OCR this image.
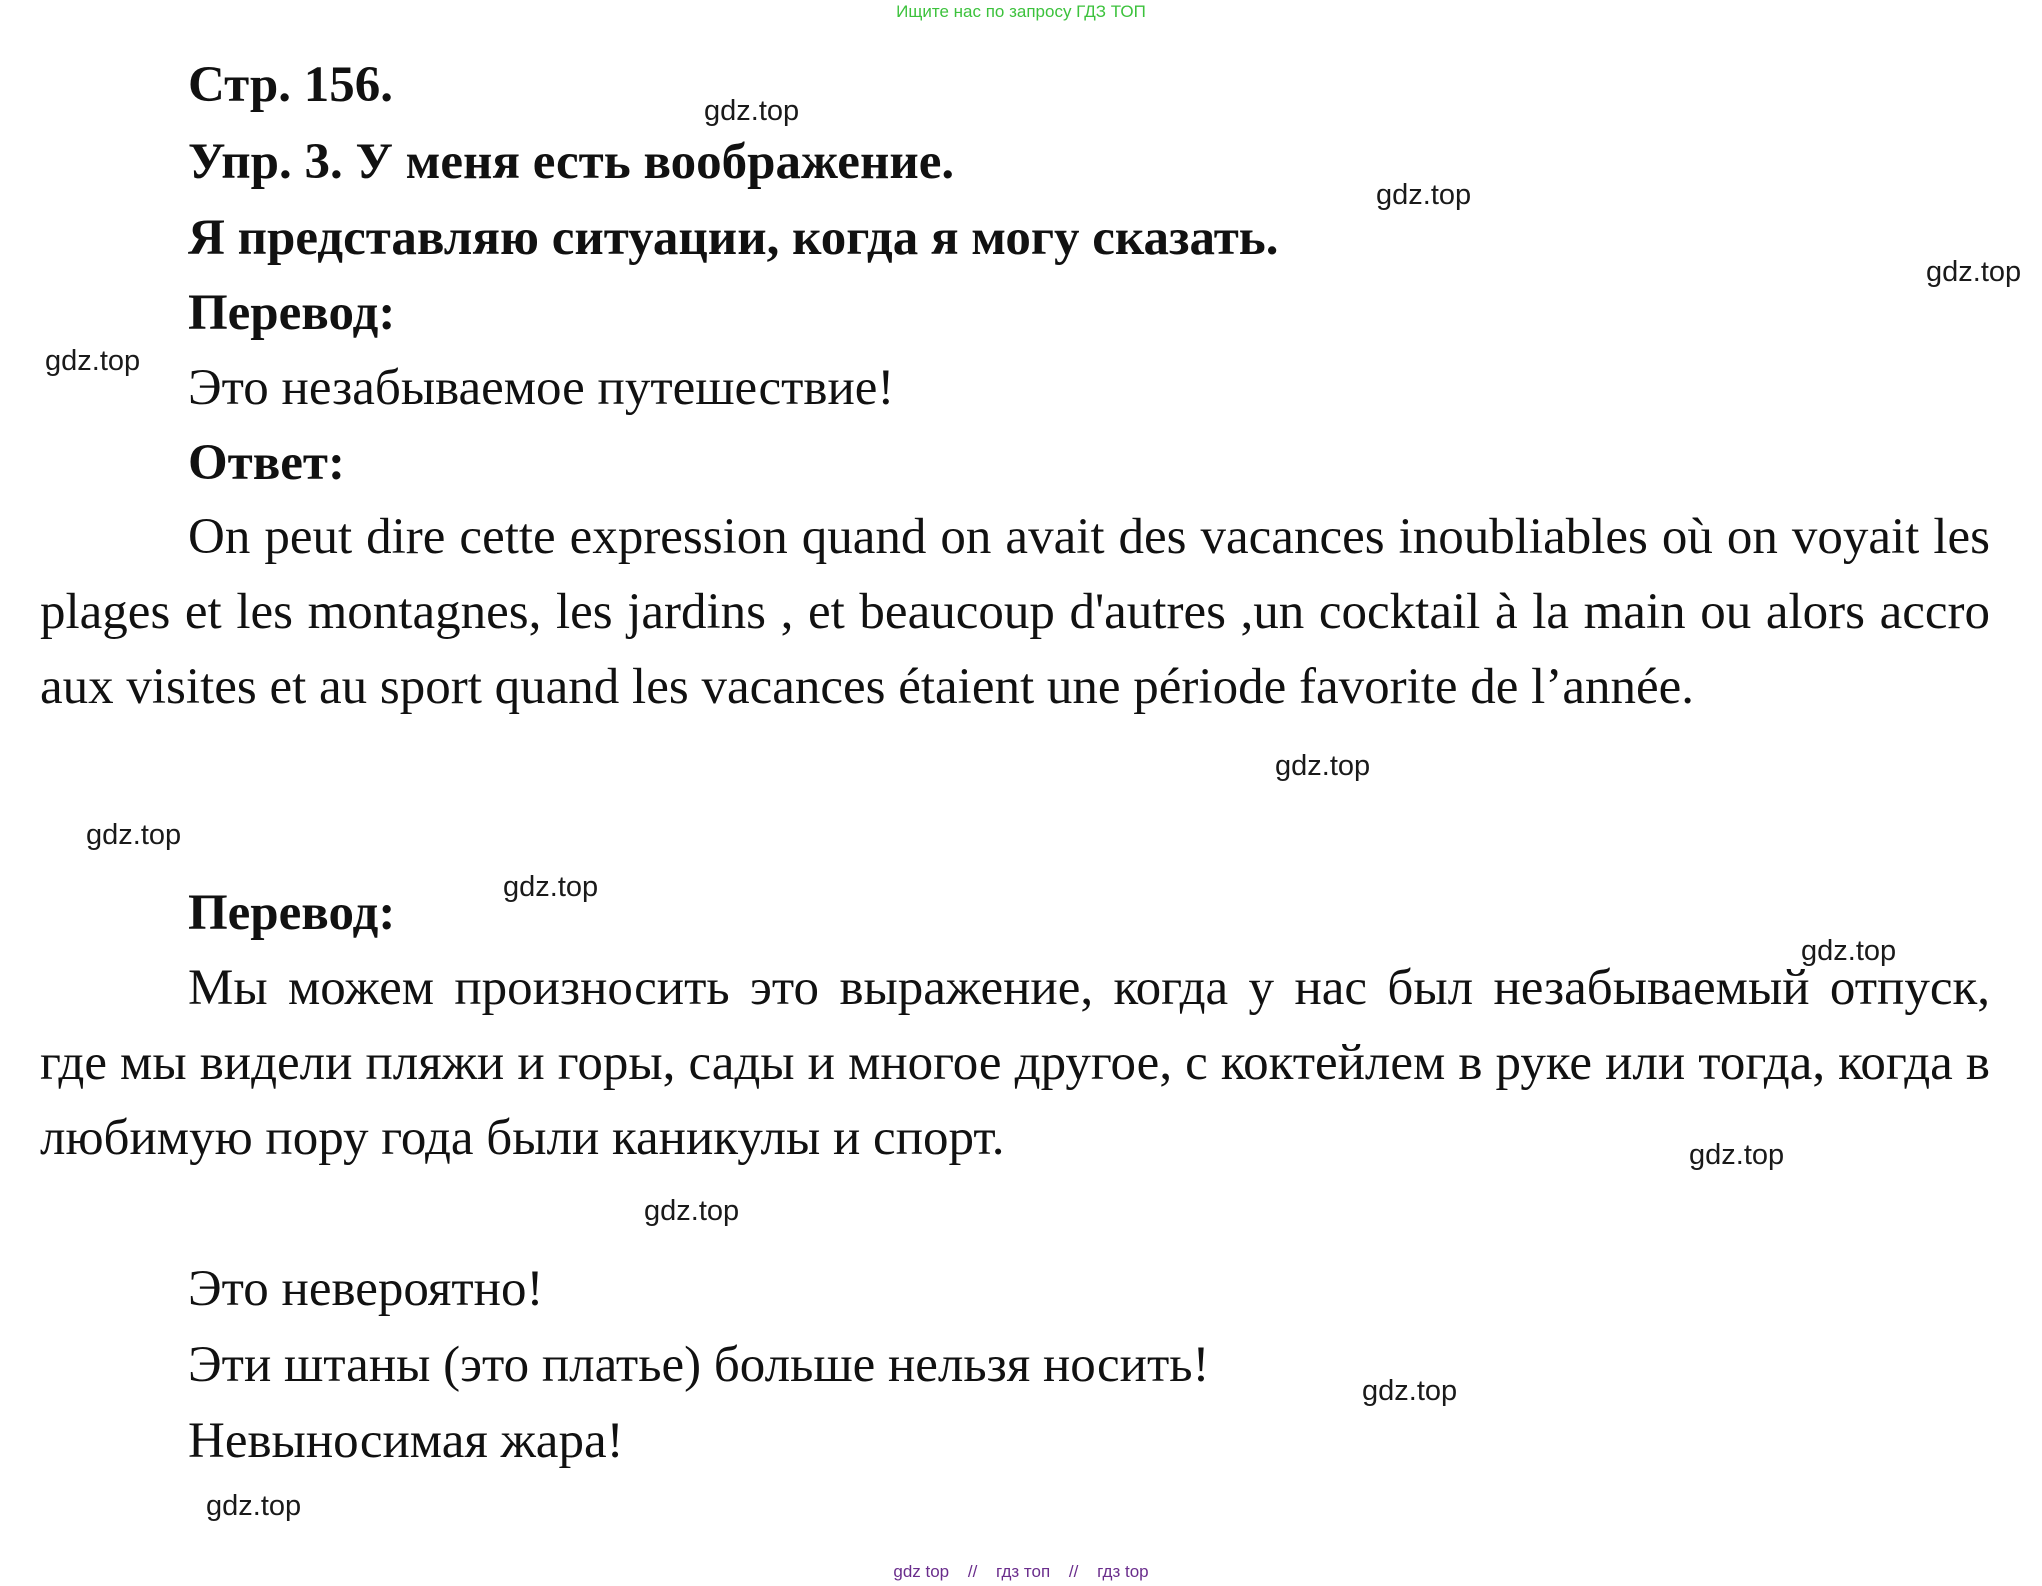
Ищите нас по запросу ГДЗ ТОП
Стр. 156.
Упр. 3. У меня есть воображение.
Я представляю ситуации, когда я могу сказать.
Перевод:
Это незабываемое путешествие!
Ответ:

On peut dire cette expression quand on avait des vacances inoubliables où on voyait les plages et les montagnes, les jardins , et beaucoup d'autres ,un cocktail à la main ou alors accro aux visites et au sport quand les vacances étaient une période favorite de l’année.

Перевод:

Мы можем произносить это выражение, когда у нас был незабываемый отпуск, где мы видели пляжи и горы, сады и многое другое, с коктейлем в руке или тогда, когда в любимую пору года были каникулы и спорт.

Это невероятно!
Эти штаны (это платье) больше нельзя носить!
Невыносимая жара!
gdz.top
gdz.top
gdz.top
gdz.top
gdz.top
gdz.top
gdz.top
gdz.top
gdz.top
gdz.top
gdz.top
gdz.top
gdz top // гдз топ // гдз top
